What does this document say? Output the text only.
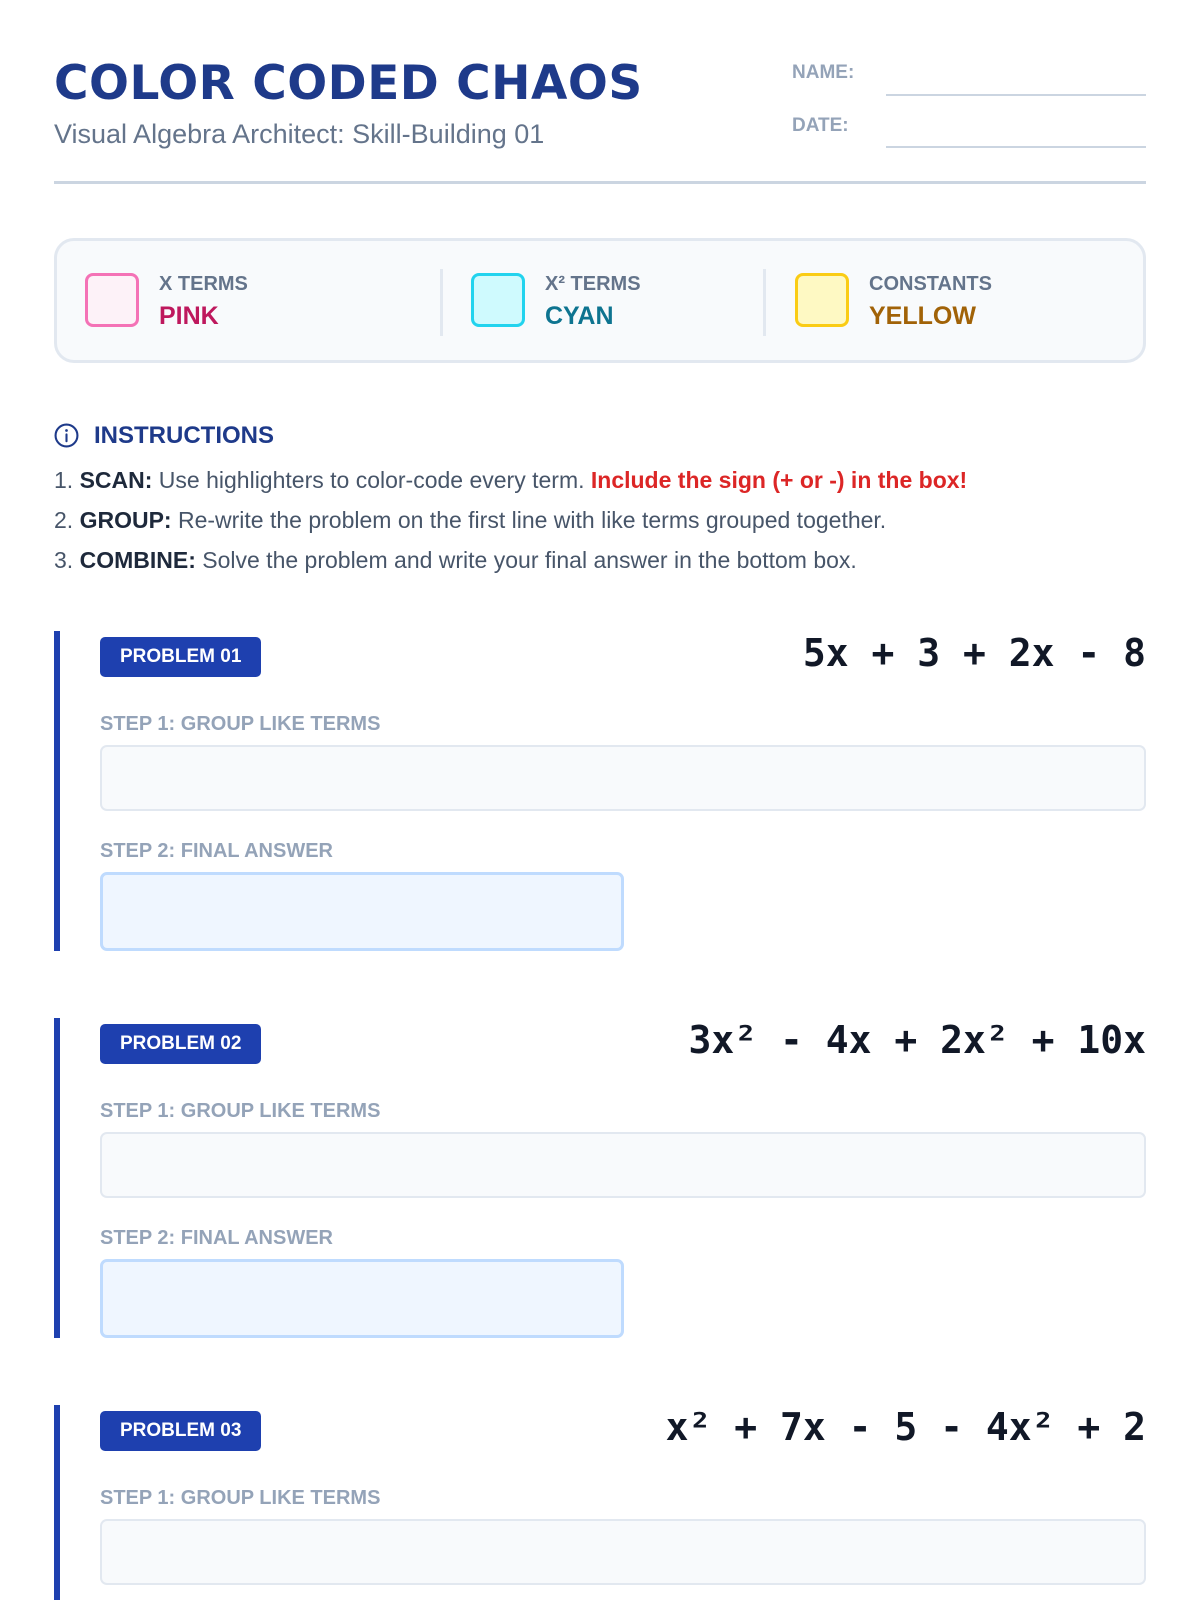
COLOR CODED CHAOS
Visual Algebra Architect: Skill-Building 01
NAME:
DATE:
X TERMS
PINK
X² TERMS
CYAN
CONSTANTS
YELLOW
INSTRUCTIONS
1. SCAN: Use highlighters to color-code every term. Include the sign (+ or -) in the box!
2. GROUP: Re-write the problem on the first line with like terms grouped together.
3. COMBINE: Solve the problem and write your final answer in the bottom box.
PROBLEM 01	5x + 3 + 2x - 8
STEP 1: GROUP LIKE TERMS
STEP 2: FINAL ANSWER
PROBLEM 02	3x² - 4x + 2x² + 10x
STEP 1: GROUP LIKE TERMS
STEP 2: FINAL ANSWER
PROBLEM 03	x² + 7x - 5 - 4x² + 2
STEP 1: GROUP LIKE TERMS
